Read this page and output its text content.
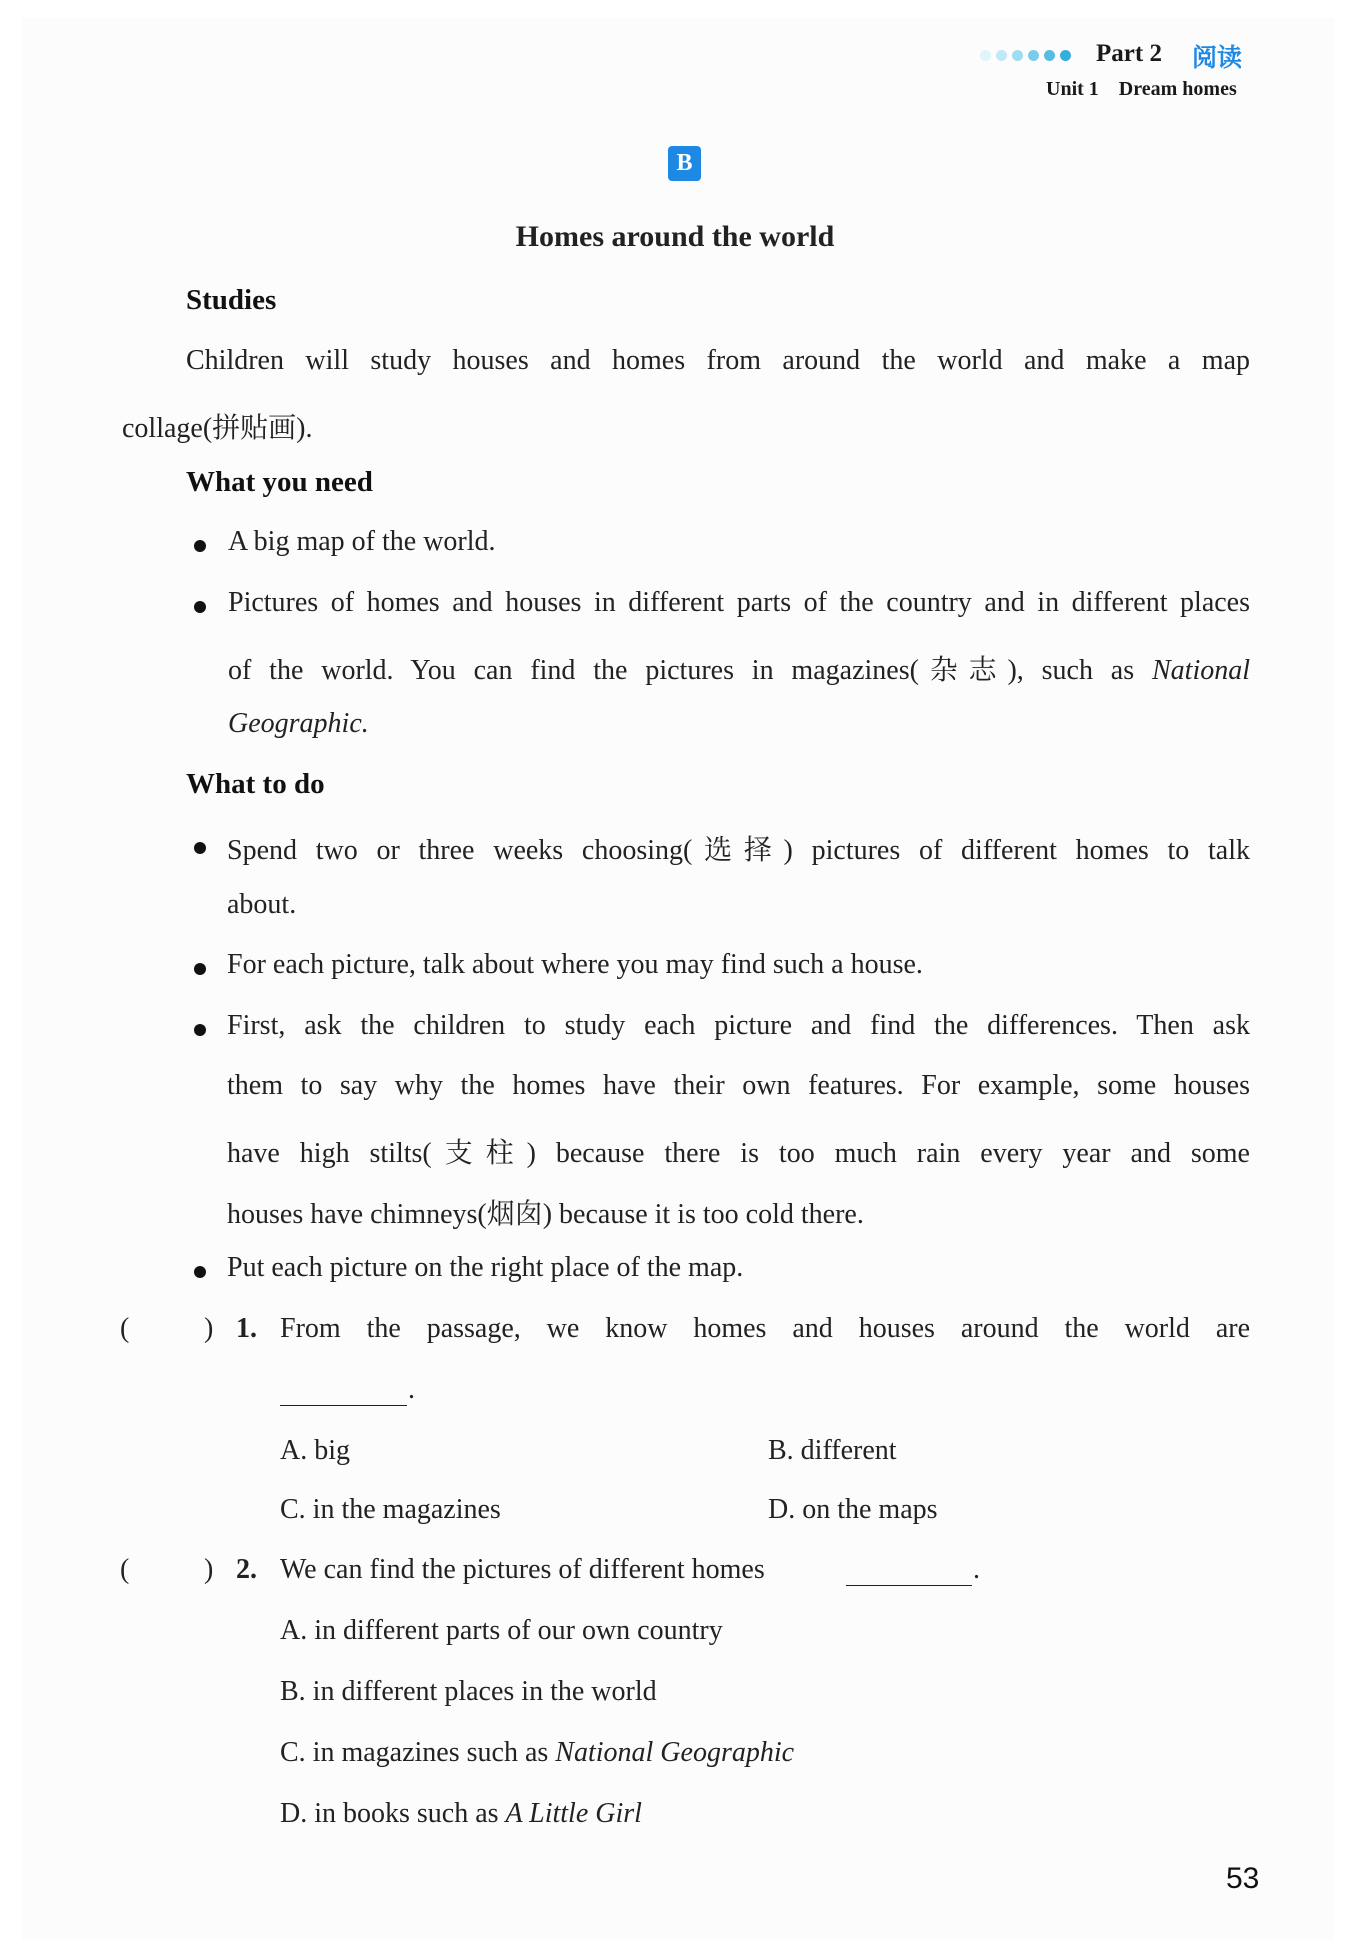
Part 2 阅读
Unit 1 Dream homes
B
Homes around the world
Studies
Children will study houses and homes from around the world and make a map
collage(拼贴画).
What you need
A big map of the world.
Pictures of homes and houses in different parts of the country and in different places
of the world. You can find the pictures in magazines(杂志), such as National
Geographic.
What to do
Spend two or three weeks choosing(选择) pictures of different homes to talk
about.
For each picture, talk about where you may find such a house.
First, ask the children to study each picture and find the differences. Then ask
them to say why the homes have their own features. For example, some houses
have high stilts(支柱) because there is too much rain every year and some
houses have chimneys(烟囱) because it is too cold there.
Put each picture on the right place of the map.
(	) 1. From the passage, we know homes and houses around the world are
.
A. big	B. different
C. in the magazines	D. on the maps
(	) 2. We can find the pictures of different homes	.
A. in different parts of our own country
B. in different places in the world
C. in magazines such as National Geographic
D. in books such as A Little Girl
53
